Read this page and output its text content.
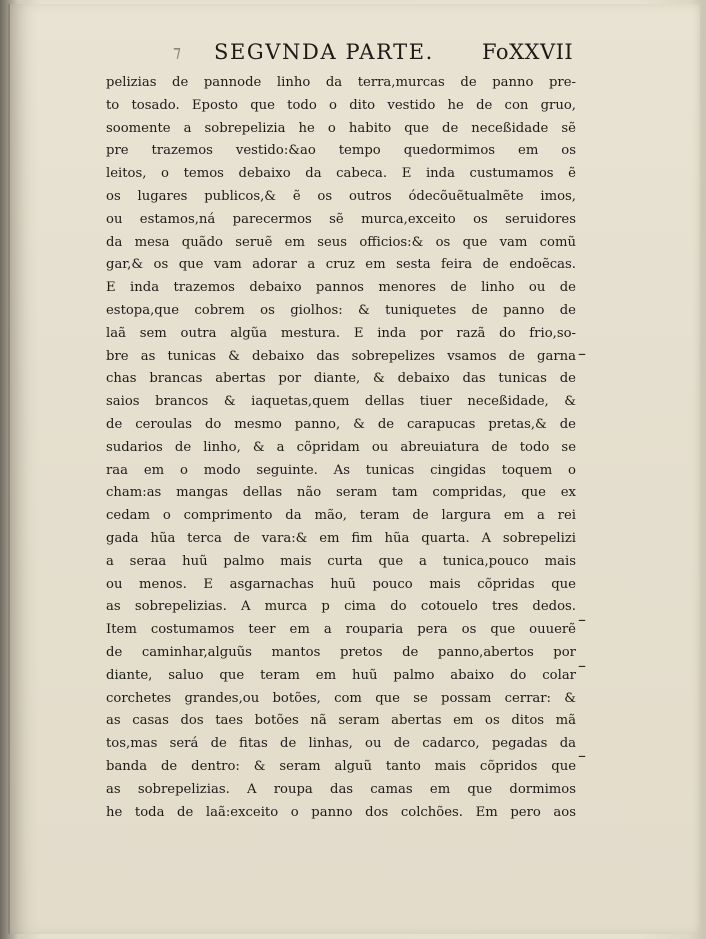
⁊ SEGVNDA PARTE. FoXXVII
pelizias de pannode linho da terra,murcas de panno pre-
to tosado. Eposto que todo o dito vestido he de con gruo,
soomente a sobrepelizia he o habito que de neceßidade sẽ
pre trazemos vestido:&ao tempo quedormimos em os
leitos, o temos debaixo da cabeca. E inda custumamos ẽ
os lugares publicos,& ẽ os outros ódecõuẽtualmẽte imos,
ou estamos,ná parecermos sẽ murca,exceito os seruidores
da mesa quãdo seruẽ em seus officios:& os que vam comũ
gar,& os que vam adorar a cruz em sesta feira de endoẽcas.
E inda trazemos debaixo pannos menores de linho ou de
estopa,que cobrem os giolhos: & tuniquetes de panno de
laã sem outra algũa mestura. E inda por razã do frio,so-
bre as tunicas & debaixo das sobrepelizes vsamos de garna
chas brancas abertas por diante, & debaixo das tunicas de
saios brancos & iaquetas,quem dellas tiuer neceßidade, &
de ceroulas do mesmo panno, & de carapucas pretas,& de
sudarios de linho, & a cõpridam ou abreuiatura de todo se
raa em o modo seguinte. As tunicas cingidas toquem o
cham:as mangas dellas não seram tam compridas, que ex
cedam o comprimento da mão, teram de largura em a rei
gada hũa terca de vara:& em fim hũa quarta. A sobrepelizi
a seraa huũ palmo mais curta que a tunica,pouco mais
ou menos. E asgarnachas huũ pouco mais cõpridas que
as sobrepelizias. A murca p cima do cotouelo tres dedos.
Item costumamos teer em a rouparia pera os que ouuerẽ
de caminhar,alguũs mantos pretos de panno,abertos por
diante, saluo que teram em huũ palmo abaixo do colar
corchetes grandes,ou botões, com que se possam cerrar: &
as casas dos taes botões nã seram abertas em os ditos mã
tos,mas será de fitas de linhas, ou de cadarco, pegadas da
banda de dentro: & seram alguũ tanto mais cõpridos que
as sobrepelizias. A roupa das camas em que dormimos
he toda de laã:exceito o panno dos colchões. Em pero aos
–
–
–
–
